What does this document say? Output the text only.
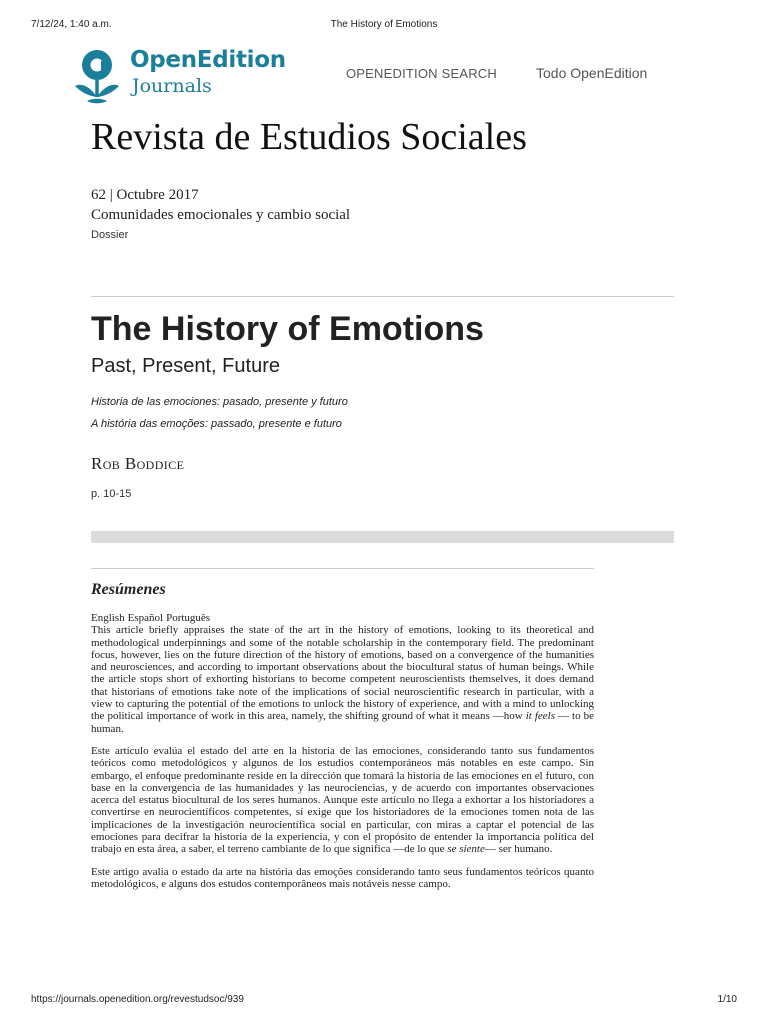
7/12/24, 1:40 a.m.	The History of Emotions
OpenEdition
Journals
OPENEDITION SEARCH	Todo OpenEdition
Revista de Estudios Sociales
62 | Octubre 2017
Comunidades emocionales y cambio social
Dossier
The History of Emotions
Past, Present, Future
Historia de las emociones: pasado, presente y futuro
A história das emoções: passado, presente e futuro
Rob Boddice
p. 10-15
Resúmenes
English Español Português

This article briefly appraises the state of the art in the history of emotions, looking to its theoretical and methodological underpinnings and some of the notable scholarship in the contemporary field. The predominant focus, however, lies on the future direction of the history of emotions, based on a convergence of the humanities and neurosciences, and according to important observations about the biocultural status of human beings. While the article stops short of exhorting historians to become competent neuroscientists themselves, it does demand that historians of emotions take note of the implications of social neuroscientific research in particular, with a view to capturing the potential of the emotions to unlock the history of experience, and with a mind to unlocking the political importance of work in this area, namely, the shifting ground of what it means —how it feels — to be human.

Este artículo evalúa el estado del arte en la historia de las emociones, considerando tanto sus fundamentos teóricos como metodológicos y algunos de los estudios contemporáneos más notables en este campo. Sin embargo, el enfoque predominante reside en la dirección que tomará la historia de las emociones en el futuro, con base en la convergencia de las humanidades y las neurociencias, y de acuerdo con importantes observaciones acerca del estatus biocultural de los seres humanos. Aunque este artículo no llega a exhortar a los historiadores a convertirse en neurocientíficos competentes, sí exige que los historiadores de la emociones tomen nota de las implicaciones de la investigación neurocientífica social en particular, con miras a captar el potencial de las emociones para decifrar la historia de la experiencia, y con el propósito de entender la importancia política del trabajo en esta área, a saber, el terreno cambiante de lo que significa —de lo que se siente— ser humano.

Este artigo avalia o estado da arte na história das emoções considerando tanto seus fundamentos teóricos quanto metodológicos, e alguns dos estudos contemporâneos mais notáveis nesse campo.

https://journals.openedition.org/revestudsoc/939	1/10
